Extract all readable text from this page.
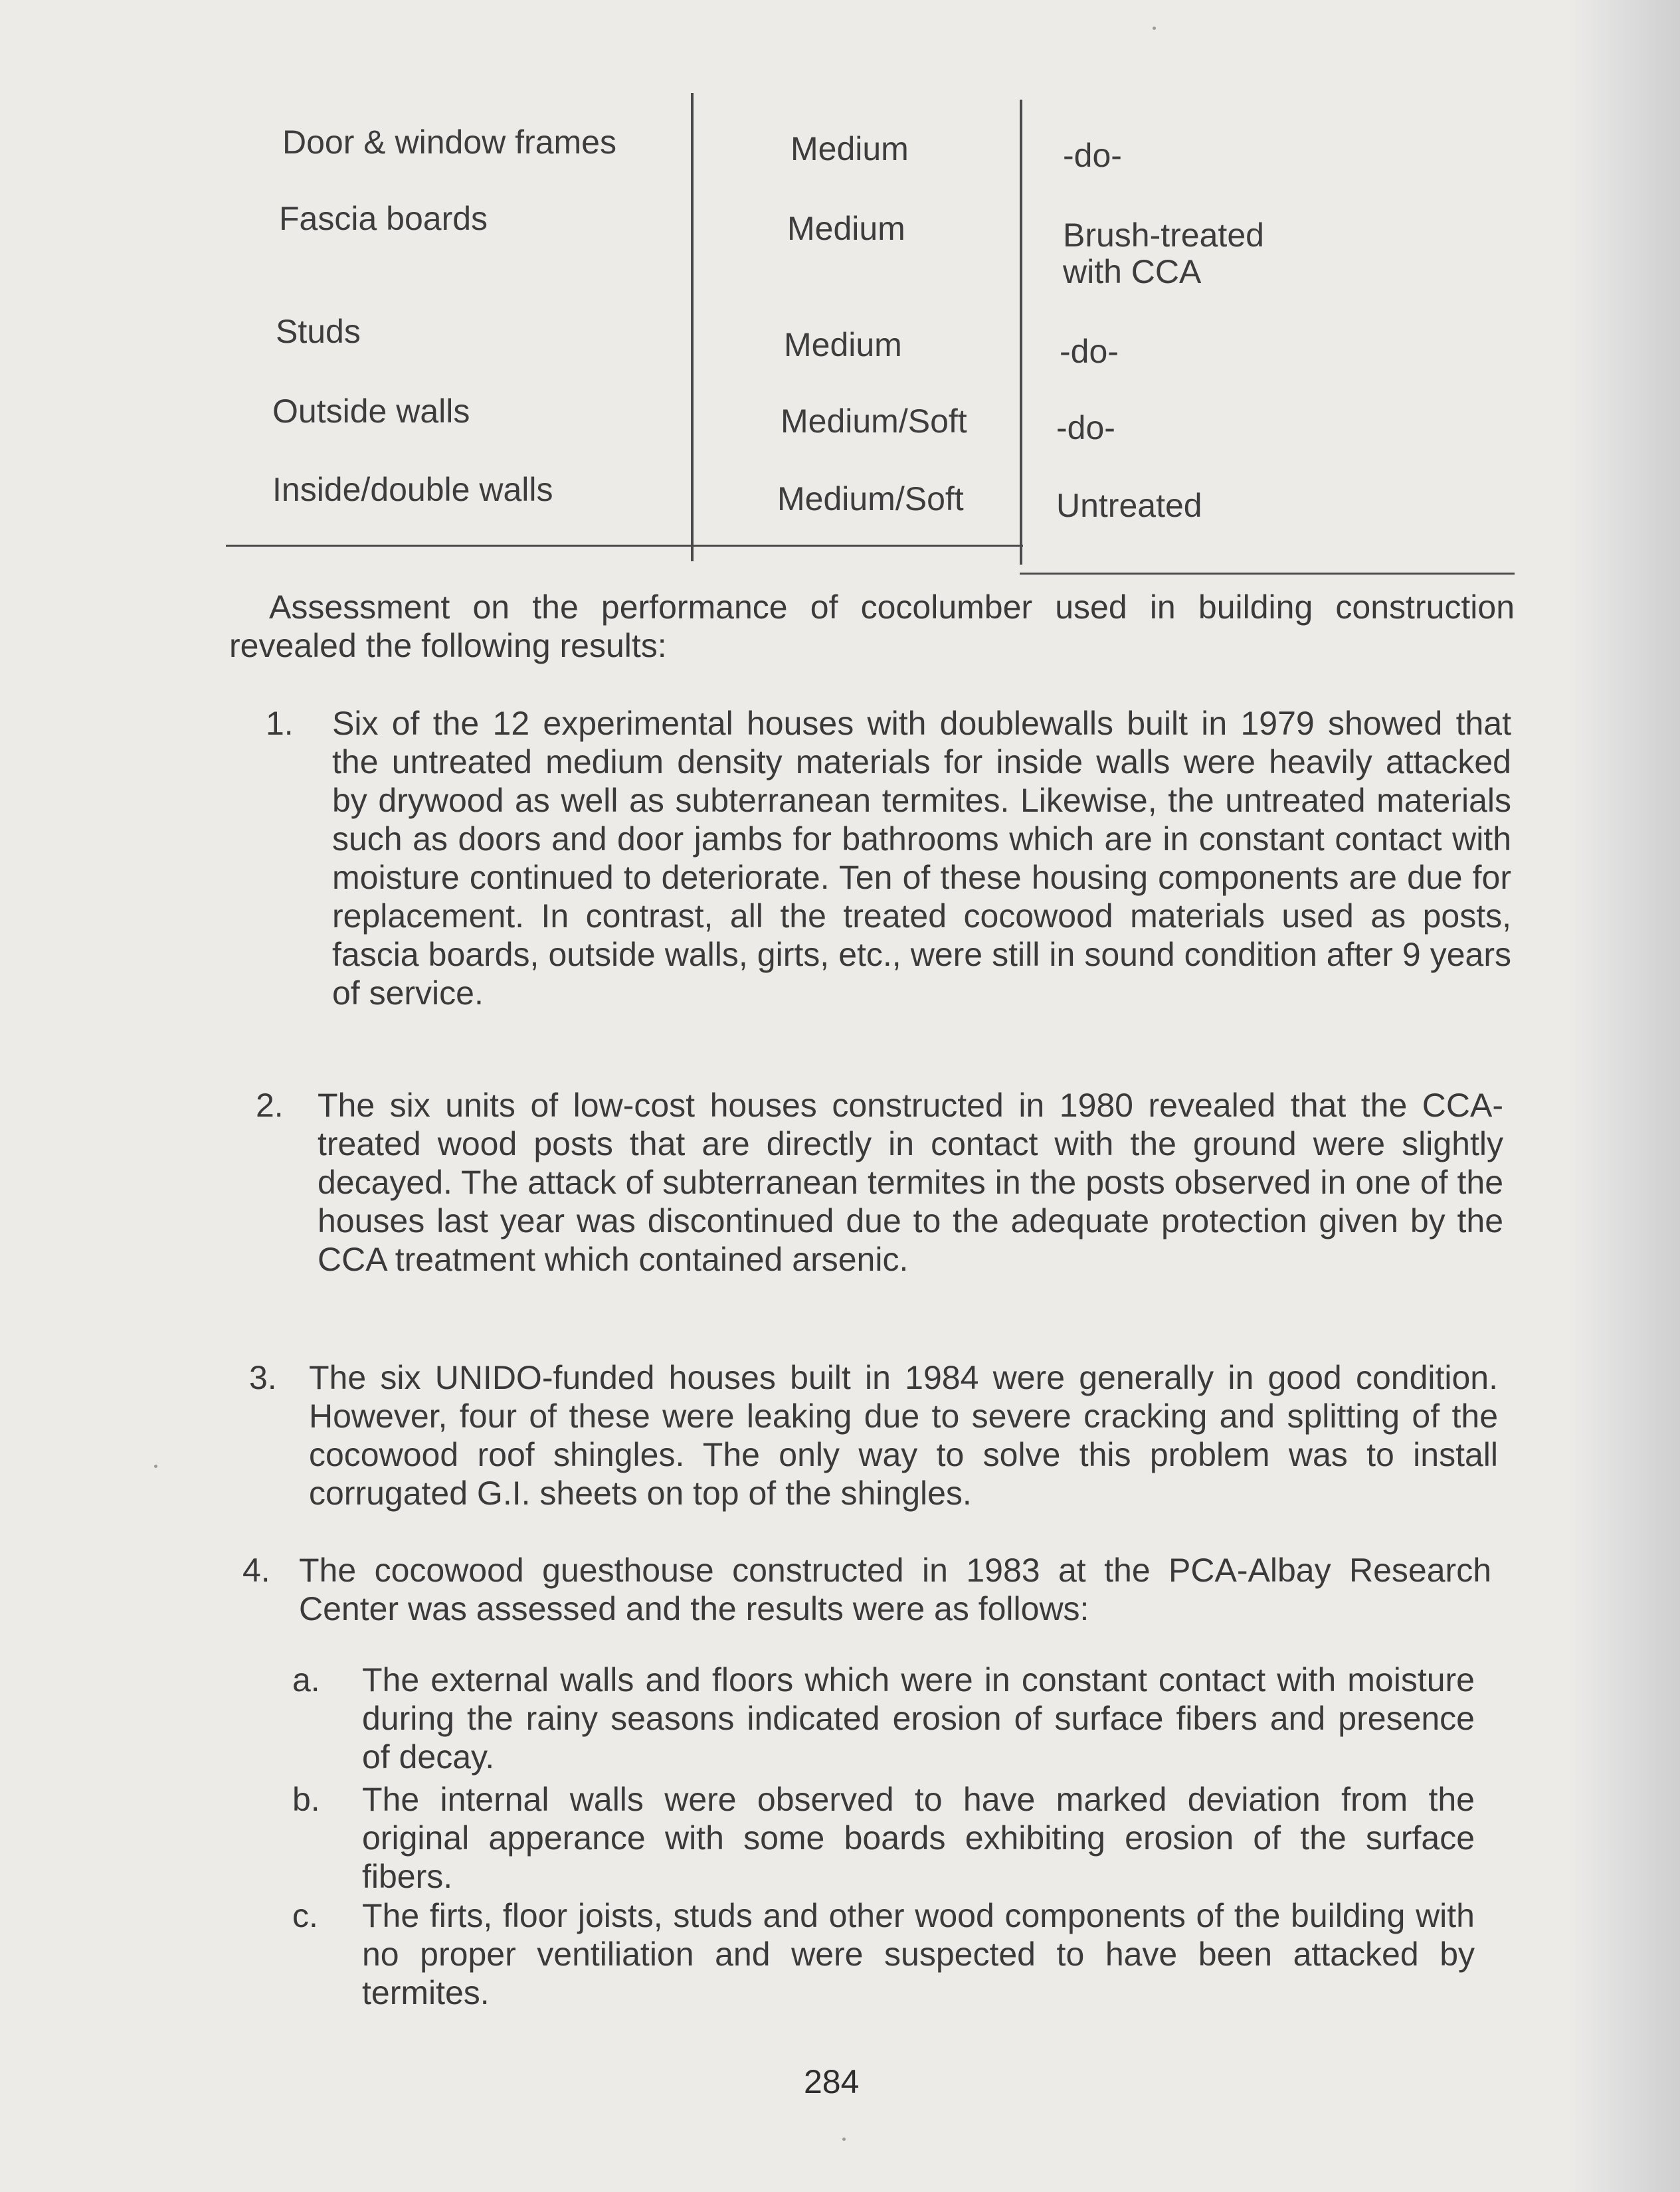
Door & window frames	Medium	-do-
Fascia boards	Medium	Brush-treated
with CCA
Studs	Medium	-do-
Outside walls	Medium/Soft	-do-
Inside/double walls	Medium/Soft	Untreated
Assessment on the performance of cocolumber used in building construction revealed the following results:
1. Six of the 12 experimental houses with doublewalls built in 1979 showed that the untreated medium density materials for inside walls were heavily attacked by drywood as well as subterranean termites. Likewise, the untreated materials such as doors and door jambs for bathrooms which are in constant contact with moisture continued to deteriorate. Ten of these housing components are due for replacement. In contrast, all the treated cocowood materials used as posts, fascia boards, outside walls, girts, etc., were still in sound condition after 9 years of service.
2. The six units of low-cost houses constructed in 1980 revealed that the CCA-treated wood posts that are directly in contact with the ground were slightly decayed. The attack of subterranean termites in the posts observed in one of the houses last year was discontinued due to the adequate protection given by the CCA treatment which contained arsenic.
3. The six UNIDO-funded houses built in 1984 were generally in good condition. However, four of these were leaking due to severe cracking and splitting of the cocowood roof shingles. The only way to solve this problem was to install corrugated G.I. sheets on top of the shingles.
4. The cocowood guesthouse constructed in 1983 at the PCA-Albay Research Center was assessed and the results were as follows:
a. The external walls and floors which were in constant contact with moisture during the rainy seasons indicated erosion of surface fibers and presence of decay.
b. The internal walls were observed to have marked deviation from the original apperance with some boards exhibiting erosion of the surface fibers.
c. The firts, floor joists, studs and other wood components of the building with no proper ventiliation and were suspected to have been attacked by termites.
284
